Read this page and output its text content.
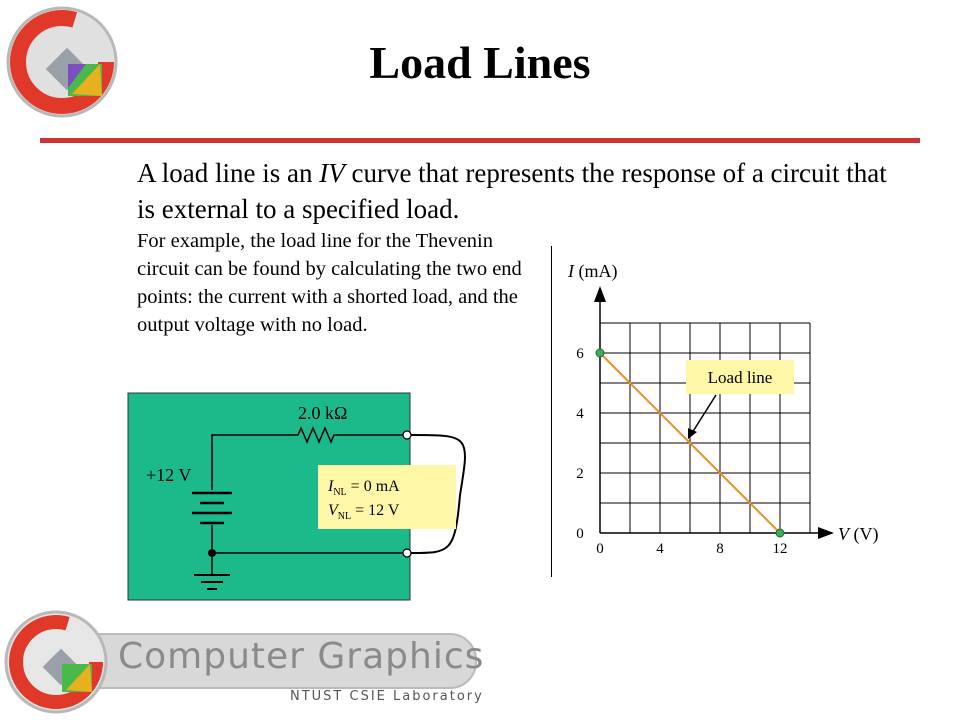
Load Lines
A load line is an IV curve that represents the response of a circuit that is external to a specified load.
For example, the load line for the Thevenin circuit can be found by calculating the two end points: the current with a shorted load, and the output voltage with no load.
2.0 kΩ
+12 V
$I_{NL} = 0$ mA
$V_{NL} = 12$ V
0	4	8	12
0
2
4
6
I (mA)
V (V)
Load line
Computer Graphics
NTUST CSIE Laboratory
